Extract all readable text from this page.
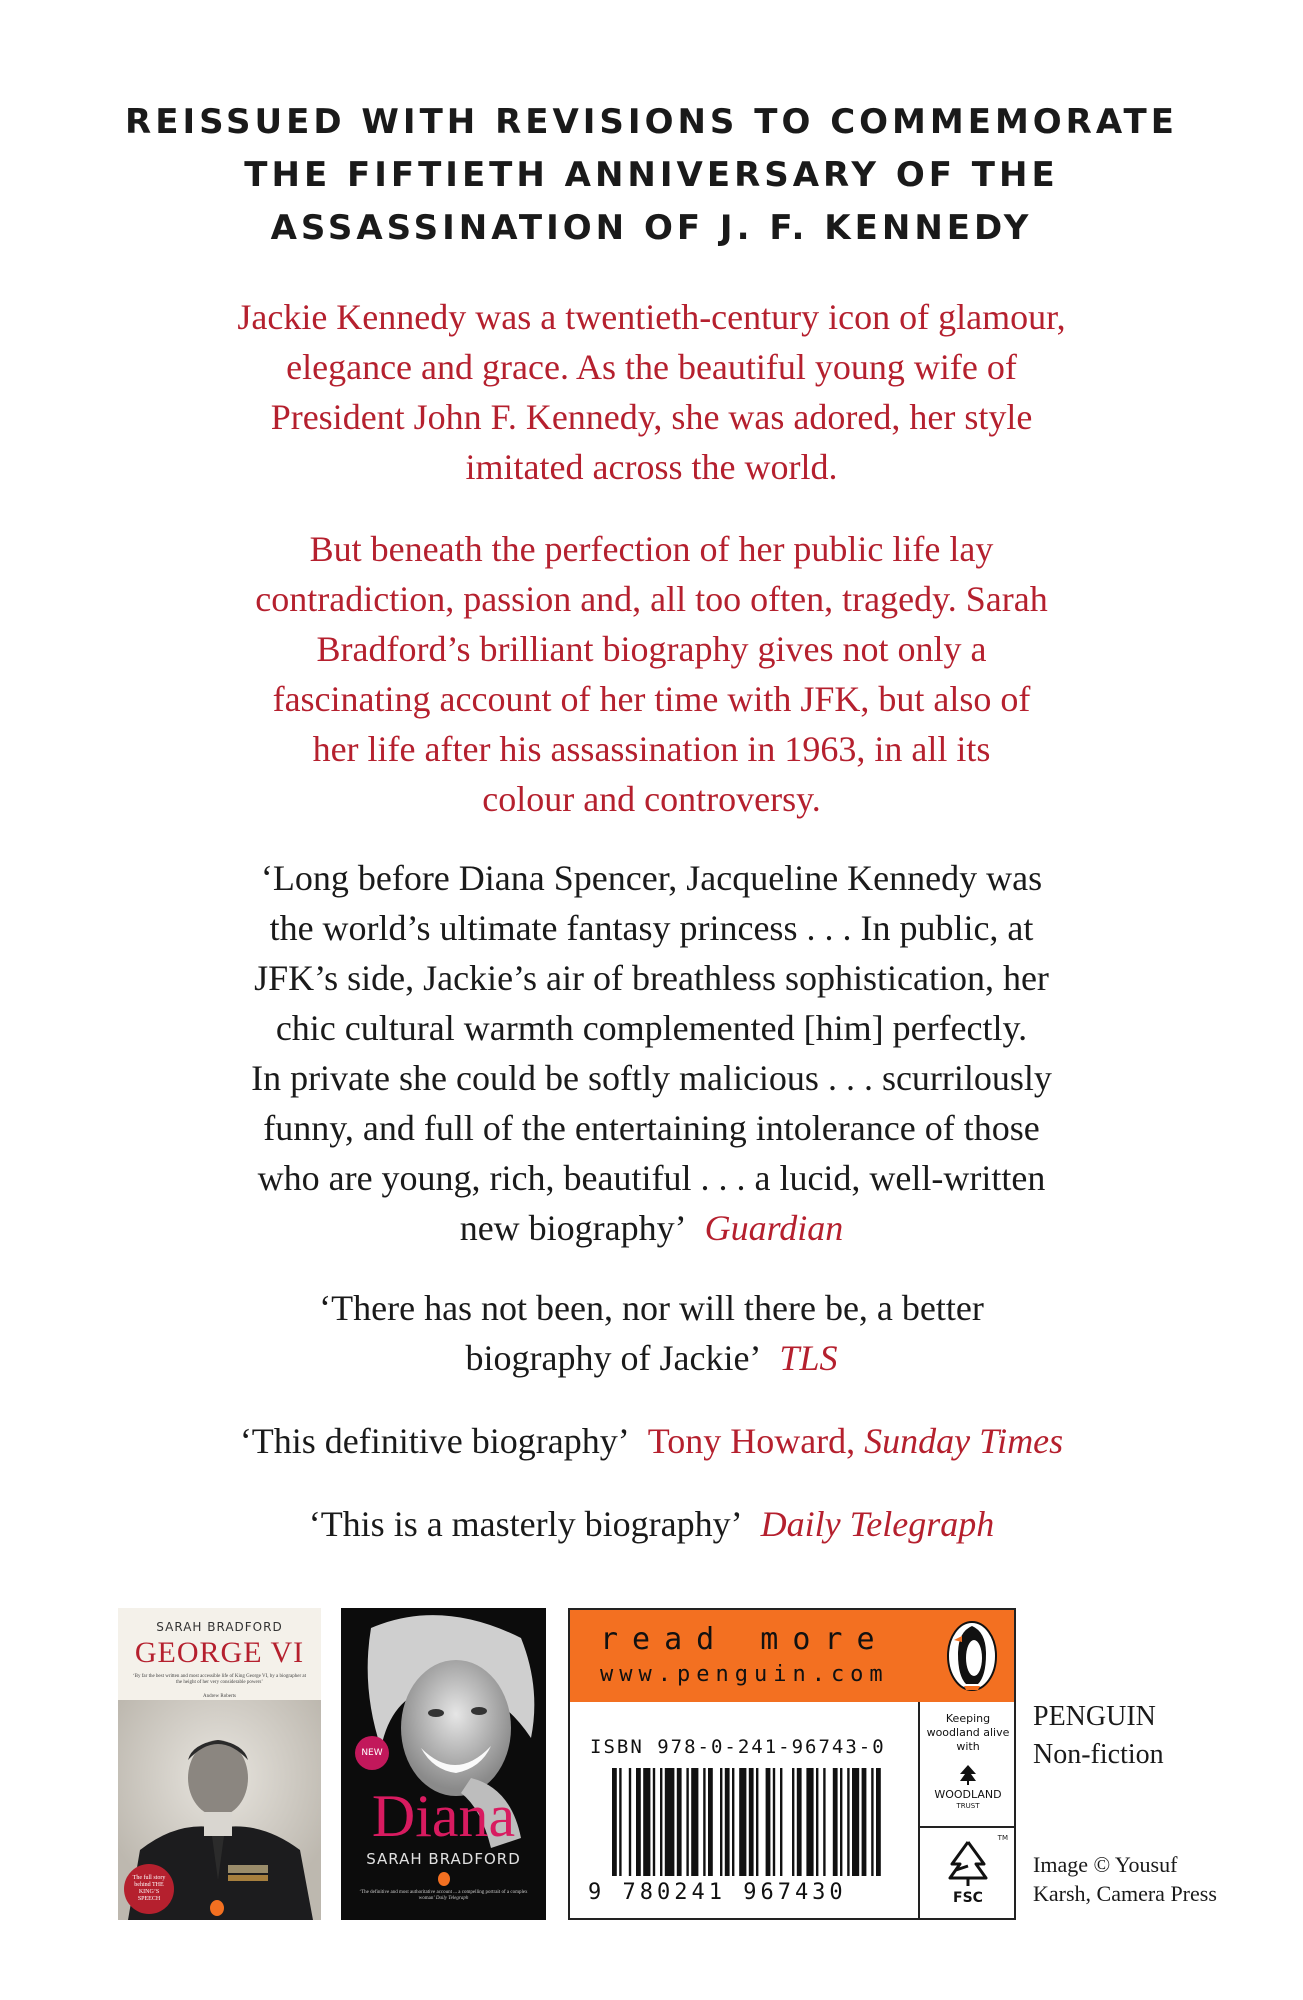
REISSUED WITH REVISIONS TO COMMEMORATE
THE FIFTIETH ANNIVERSARY OF THE
ASSASSINATION OF J. F. KENNEDY
Jackie Kennedy was a twentieth-century icon of glamour,
elegance and grace. As the beautiful young wife of
President John F. Kennedy, she was adored, her style
imitated across the world.
But beneath the perfection of her public life lay
contradiction, passion and, all too often, tragedy. Sarah
Bradford’s brilliant biography gives not only a
fascinating account of her time with JFK, but also of
her life after his assassination in 1963, in all its
colour and controversy.
‘Long before Diana Spencer, Jacqueline Kennedy was
the world’s ultimate fantasy princess . . . In public, at
JFK’s side, Jackie’s air of breathless sophistication, her
chic cultural warmth complemented [him] perfectly.
In private she could be softly malicious . . . scurrilously
funny, and full of the entertaining intolerance of those
who are young, rich, beautiful . . . a lucid, well-written
new biography’ Guardian
‘There has not been, nor will there be, a better
biography of Jackie’ TLS
‘This definitive biography’ Tony Howard, Sunday Times
‘This is a masterly biography’ Daily Telegraph
SARAH BRADFORD
GEORGE VI
‘By far the best written and most accessible life of King George VI, by a biographer at the height of her very considerable powers’
Andrew Roberts
The full story behind THE KING’S SPEECH
NEW
Diana
SARAH BRADFORD
‘The definitive and most authoritative account ... a compelling portrait of a complex woman’ Daily Telegraph
read more
www.penguin.com
ISBN 978-0-241-96743-0
9 780241 967430
Keeping woodland alive with
WOODLAND
TRUST
TM
FSC
PENGUIN
Non-fiction
Image © Yousuf
Karsh, Camera Press
